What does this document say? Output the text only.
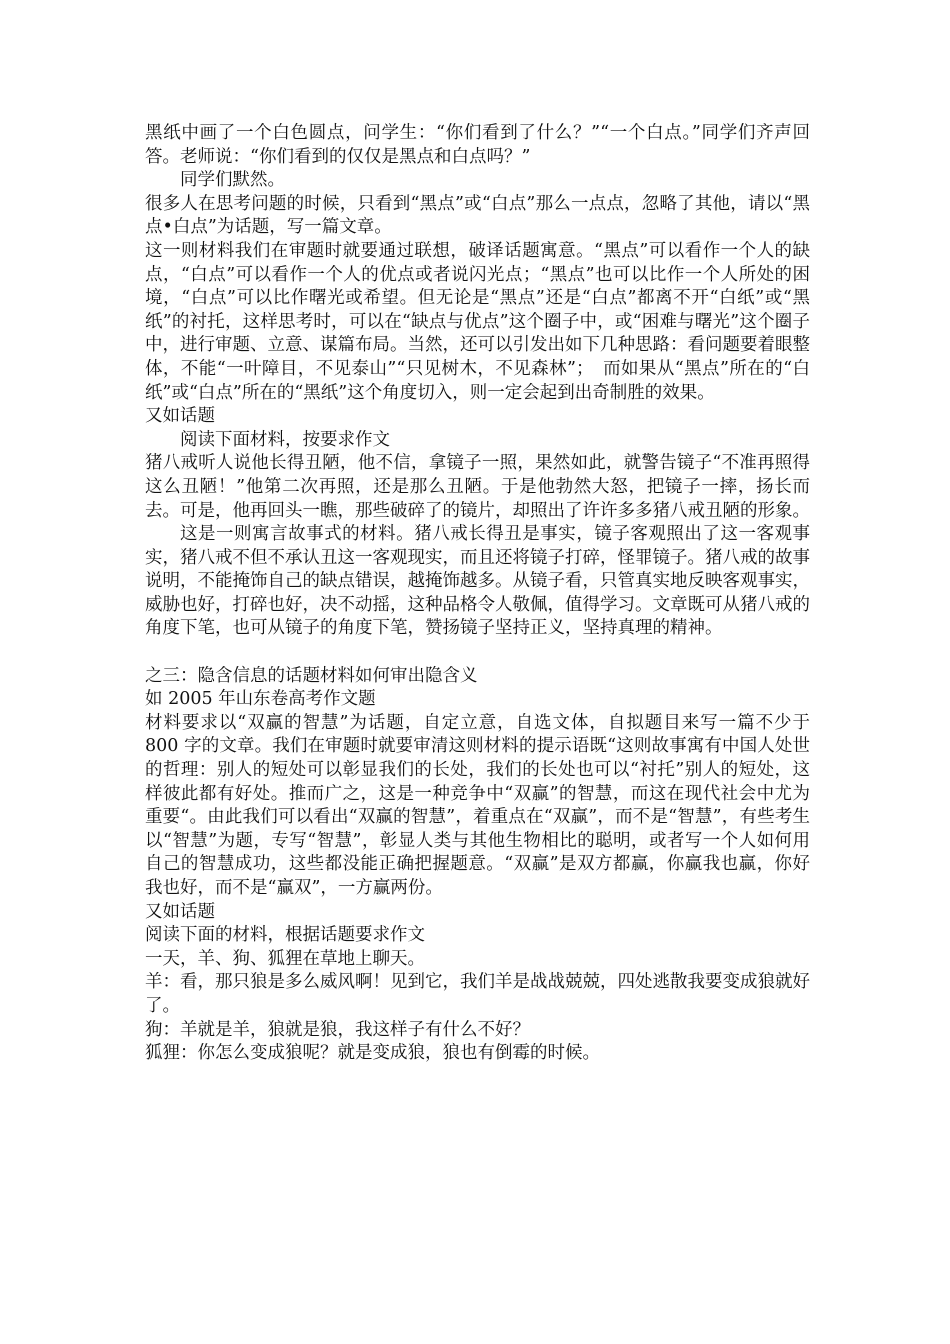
黑纸中画了一个白色圆点，问学生：“你们看到了什么？”“一个白点。”同学们齐声回答。老师说：“你们看到的仅仅是黑点和白点吗？”

同学们默然。

很多人在思考问题的时候，只看到“黑点”或“白点”那么一点点，忽略了其他，请以“黑点•白点”为话题，写一篇文章。

这一则材料我们在审题时就要通过联想，破译话题寓意。“黑点”可以看作一个人的缺点，“白点”可以看作一个人的优点或者说闪光点；“黑点”也可以比作一个人所处的困境，“白点”可以比作曙光或希望。但无论是“黑点”还是“白点”都离不开“白纸”或“黑纸”的衬托，这样思考时，可以在“缺点与优点”这个圈子中，或“困难与曙光”这个圈子中，进行审题、立意、谋篇布局。当然，还可以引发出如下几种思路：看问题要着眼整体，不能“一叶障目，不见泰山”“只见树木，不见森林”；　而如果从“黑点”所在的“白纸”或“白点”所在的“黑纸”这个角度切入，则一定会起到出奇制胜的效果。

又如话题

阅读下面材料，按要求作文

猪八戒听人说他长得丑陋，他不信，拿镜子一照，果然如此，就警告镜子“不准再照得这么丑陋！”他第二次再照，还是那么丑陋。于是他勃然大怒，把镜子一摔，扬长而去。可是，他再回头一瞧，那些破碎了的镜片，却照出了许许多多猪八戒丑陋的形象。

这是一则寓言故事式的材料。猪八戒长得丑是事实，镜子客观照出了这一客观事实，猪八戒不但不承认丑这一客观现实，而且还将镜子打碎，怪罪镜子。猪八戒的故事说明，不能掩饰自己的缺点错误，越掩饰越多。从镜子看，只管真实地反映客观事实，威胁也好，打碎也好，决不动摇，这种品格令人敬佩，值得学习。文章既可从猪八戒的角度下笔，也可从镜子的角度下笔，赞扬镜子坚持正义，坚持真理的精神。

之三：隐含信息的话题材料如何审出隐含义

如 2005 年山东卷高考作文题

材料要求以“双赢的智慧”为话题，自定立意，自选文体，自拟题目来写一篇不少于 800 字的文章。我们在审题时就要审清这则材料的提示语既“这则故事寓有中国人处世的哲理：别人的短处可以彰显我们的长处，我们的长处也可以“衬托”别人的短处，这样彼此都有好处。推而广之，这是一种竞争中“双赢”的智慧，而这在现代社会中尤为重要“。由此我们可以看出“双赢的智慧”，着重点在“双赢”，而不是“智慧”，有些考生以“智慧”为题，专写“智慧”，彰显人类与其他生物相比的聪明，或者写一个人如何用自己的智慧成功，这些都没能正确把握题意。“双赢”是双方都赢，你赢我也赢，你好我也好，而不是“赢双”，一方赢两份。

又如话题

阅读下面的材料，根据话题要求作文

一天，羊、狗、狐狸在草地上聊天。

羊：看，那只狼是多么威风啊！见到它，我们羊是战战兢兢，四处逃散我要变成狼就好了。

狗：羊就是羊，狼就是狼，我这样子有什么不好？

狐狸：你怎么变成狼呢？就是变成狼，狼也有倒霉的时候。
